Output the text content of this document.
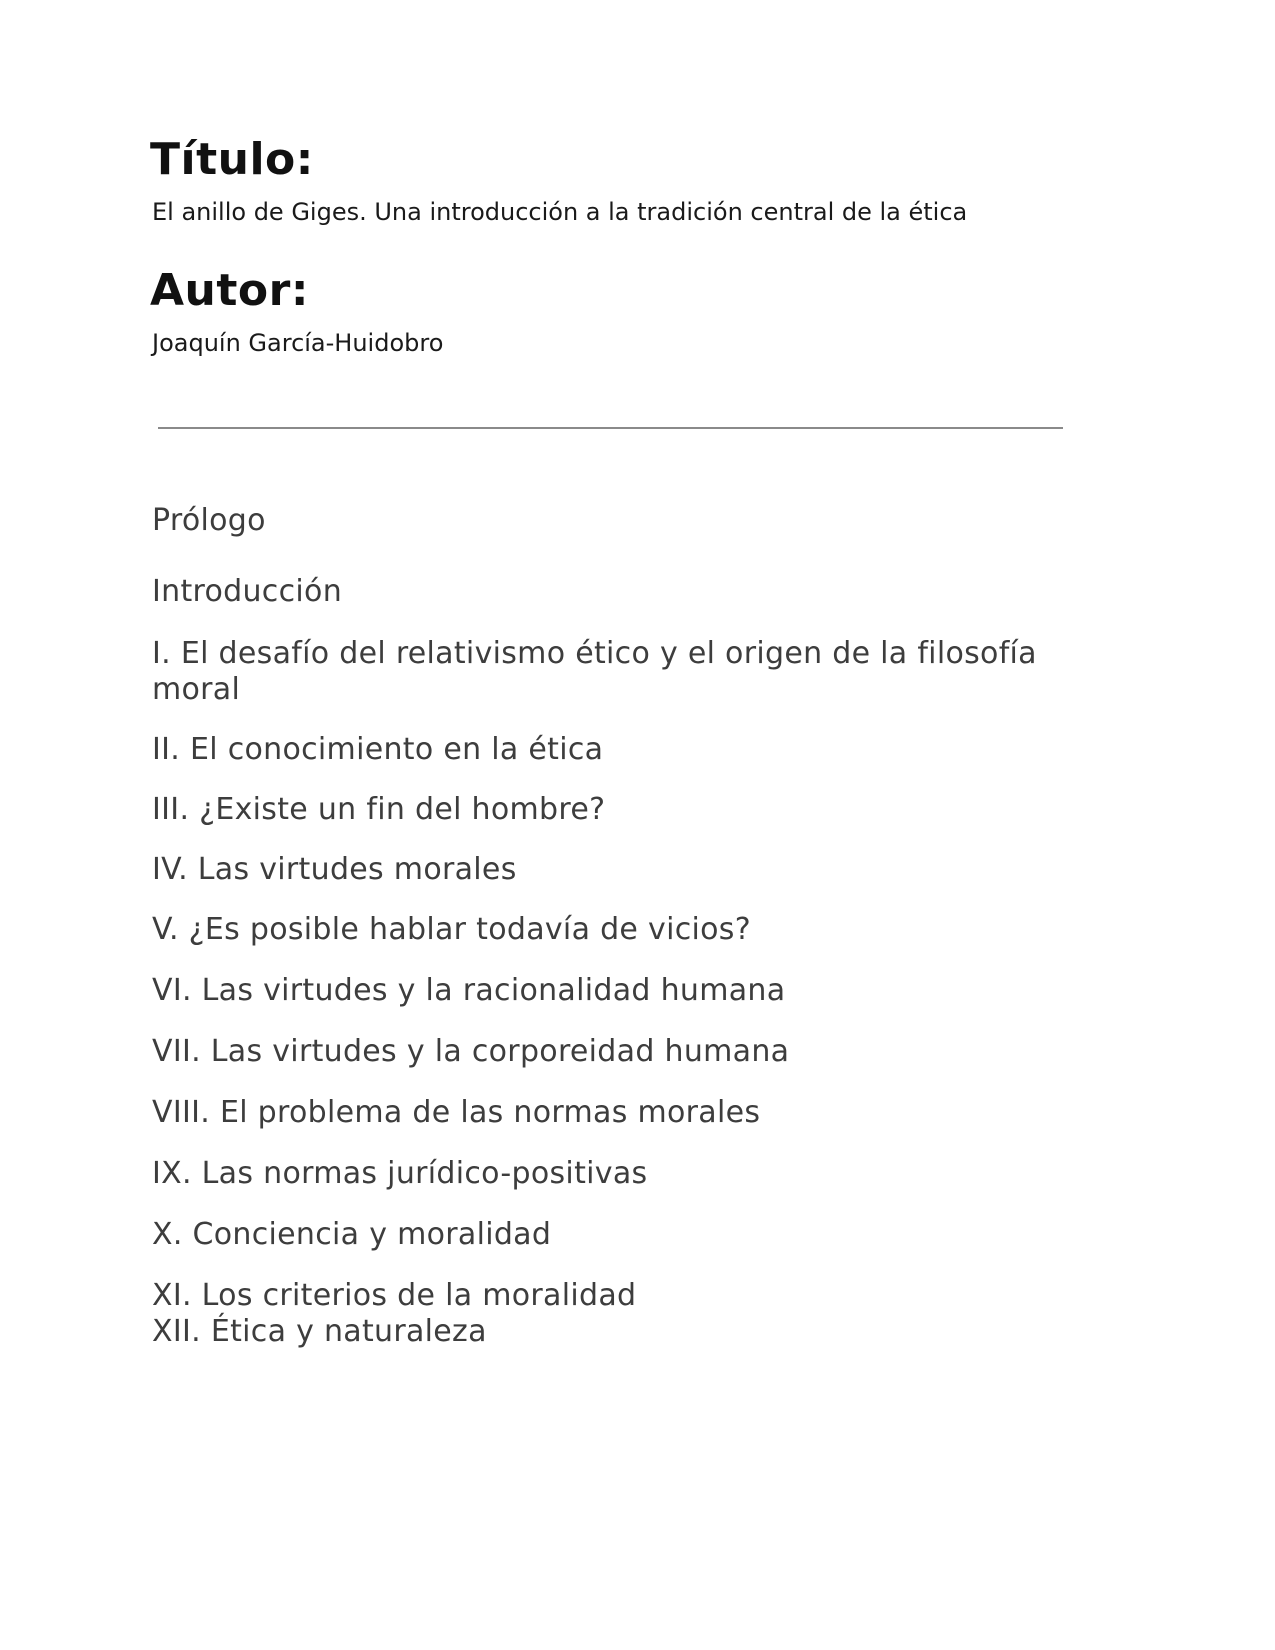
Título:
El anillo de Giges. Una introducción a la tradición central de la ética
Autor:
Joaquín García-Huidobro
Prólogo
Introducción
I. El desafío del relativismo ético y el origen de la filosofía moral
II. El conocimiento en la ética
III. ¿Existe un fin del hombre?
IV. Las virtudes morales
V. ¿Es posible hablar todavía de vicios?
VI. Las virtudes y la racionalidad humana
VII. Las virtudes y la corporeidad humana
VIII. El problema de las normas morales
IX. Las normas jurídico-positivas
X. Conciencia y moralidad
XI. Los criterios de la moralidad
XII. Ética y naturaleza
